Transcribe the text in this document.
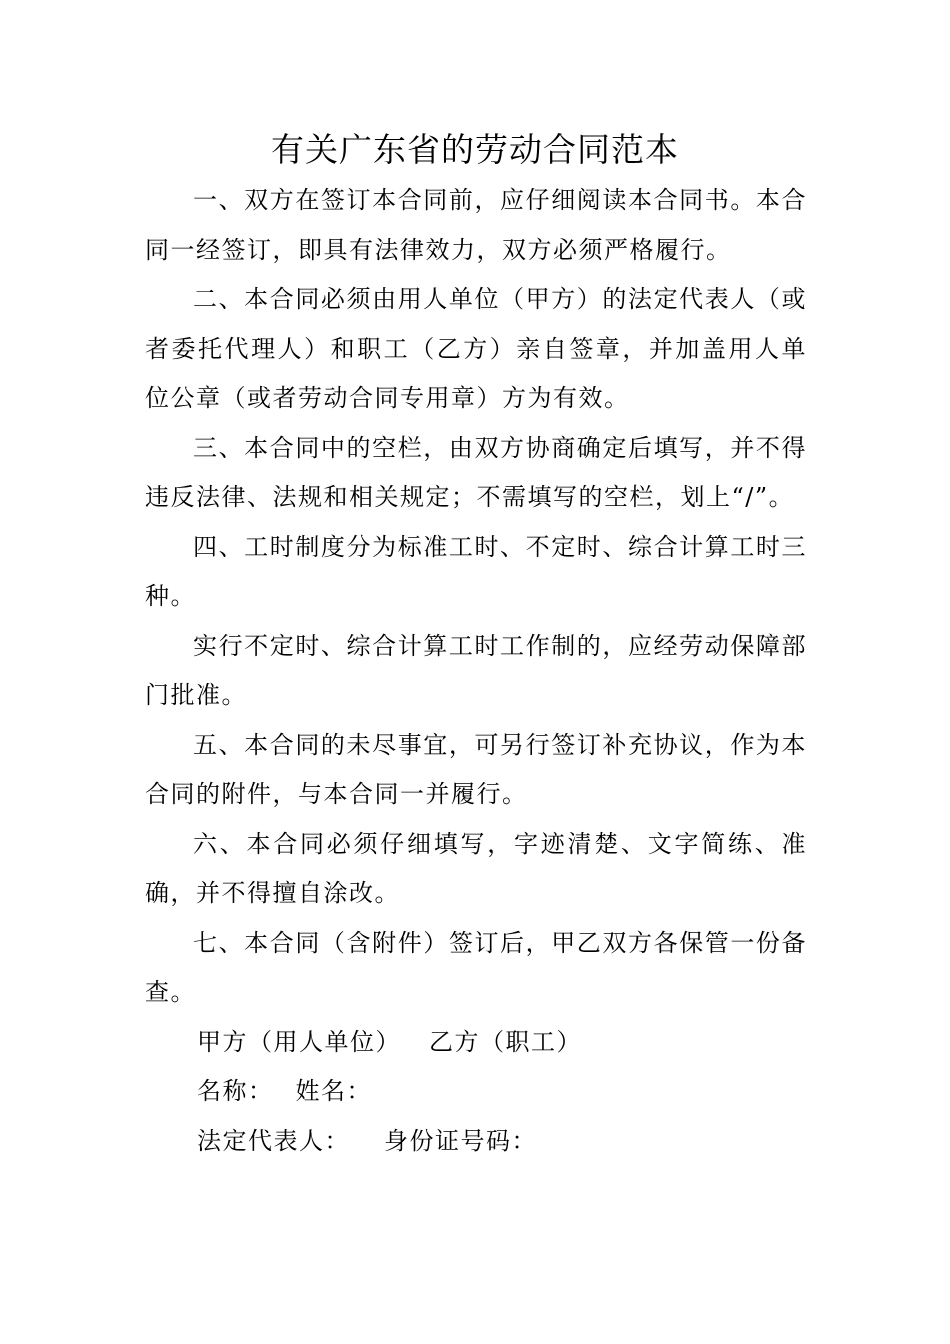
有关广东省的劳动合同范本

一、双方在签订本合同前，应仔细阅读本合同书。本合同一经签订，即具有法律效力，双方必须严格履行。

二、本合同必须由用人单位（甲方）的法定代表人（或者委托代理人）和职工（乙方）亲自签章，并加盖用人单位公章（或者劳动合同专用章）方为有效。

三、本合同中的空栏，由双方协商确定后填写，并不得违反法律、法规和相关规定；不需填写的空栏，划上“/”。

四、工时制度分为标准工时、不定时、综合计算工时三种。

实行不定时、综合计算工时工作制的，应经劳动保障部门批准。

五、本合同的未尽事宜，可另行签订补充协议，作为本合同的附件，与本合同一并履行。

六、本合同必须仔细填写，字迹清楚、文字简练、准确，并不得擅自涂改。

七、本合同（含附件）签订后，甲乙双方各保管一份备查。

甲方（用人单位） 乙方（职工）
名称： 姓名：
法定代表人： 身份证号码：
